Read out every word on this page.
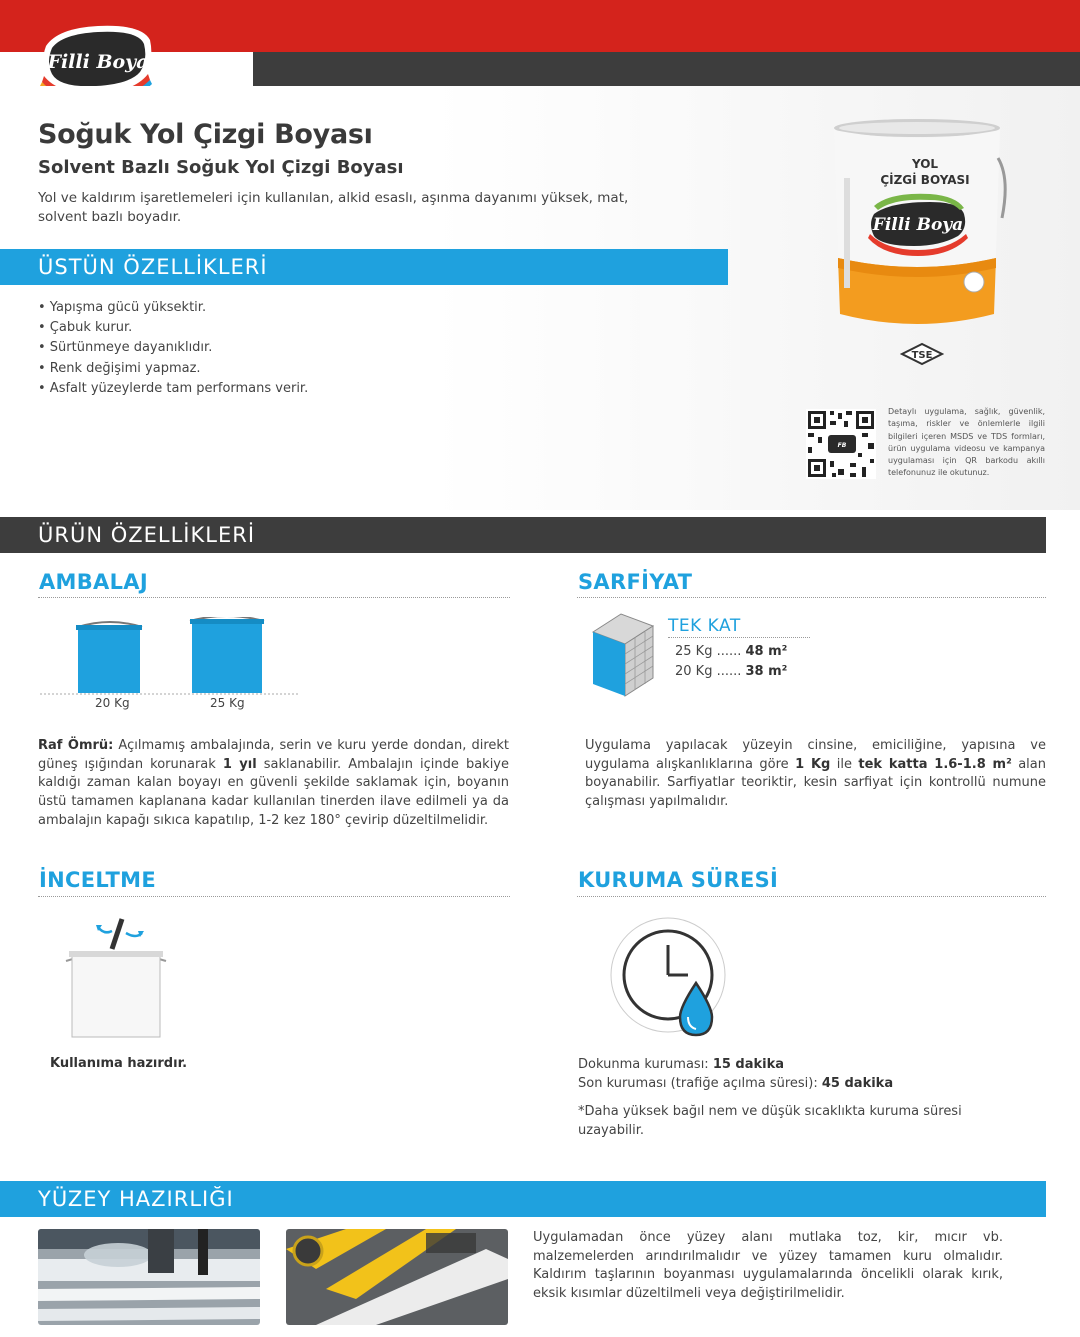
Filli Boya
Soğuk Yol Çizgi Boyası
Solvent Bazlı Soğuk Yol Çizgi Boyası
Yol ve kaldırım işaretlemeleri için kullanılan, alkid esaslı, aşınma dayanımı yüksek, mat, solvent bazlı boyadır.
ÜSTÜN ÖZELLİKLERİ
• Yapışma gücü yüksektir.
• Çabuk kurur.
• Sürtünmeye dayanıklıdır.
• Renk değişimi yapmaz.
• Asfalt yüzeylerde tam performans verir.
YOL
ÇİZGİ BOYASI
Filli Boya
TSE
FB
Detaylı uygulama, sağlık, güvenlik, taşıma, riskler ve önlemlerle ilgili bilgileri içeren MSDS ve TDS formları, ürün uygulama videosu ve kampanya uygulaması için QR barkodu akıllı telefonunuz ile okutunuz.
ÜRÜN ÖZELLİKLERİ
AMBALAJ
20 Kg	25 Kg
Raf Ömrü: Açılmamış ambalajında, serin ve kuru yerde dondan, direkt güneş ışığından korunarak 1 yıl saklanabilir. Ambalajın içinde bakiye kaldığı zaman kalan boyayı en güvenli şekilde saklamak için, boyanın üstü tamamen kaplanana kadar kullanılan tinerden ilave edilmeli ya da ambalajın kapağı sıkıca kapatılıp, 1-2 kez 180° çevirip düzeltilmelidir.
SARFİYAT
TEK KAT
25 Kg ...... 48 m²
20 Kg ...... 38 m²
Uygulama yapılacak yüzeyin cinsine, emiciliğine, yapısına ve uygulama alışkanlıklarına göre 1 Kg ile tek katta 1.6-1.8 m² alan boyanabilir. Sarfiyatlar teoriktir, kesin sarfiyat için kontrollü numune çalışması yapılmalıdır.
İNCELTME
Kullanıma hazırdır.
KURUMA SÜRESİ
Dokunma kuruması: 15 dakika
Son kuruması (trafiğe açılma süresi): 45 dakika
*Daha yüksek bağıl nem ve düşük sıcaklıkta kuruma süresi uzayabilir.
YÜZEY HAZIRLIĞI
Uygulamadan önce yüzey alanı mutlaka toz, kir, mıcır vb. malzemelerden arındırılmalıdır ve yüzey tamamen kuru olmalıdır. Kaldırım taşlarının boyanması uygulamalarında öncelikli olarak kırık, eksik kısımlar düzeltilmeli veya değiştirilmelidir.
